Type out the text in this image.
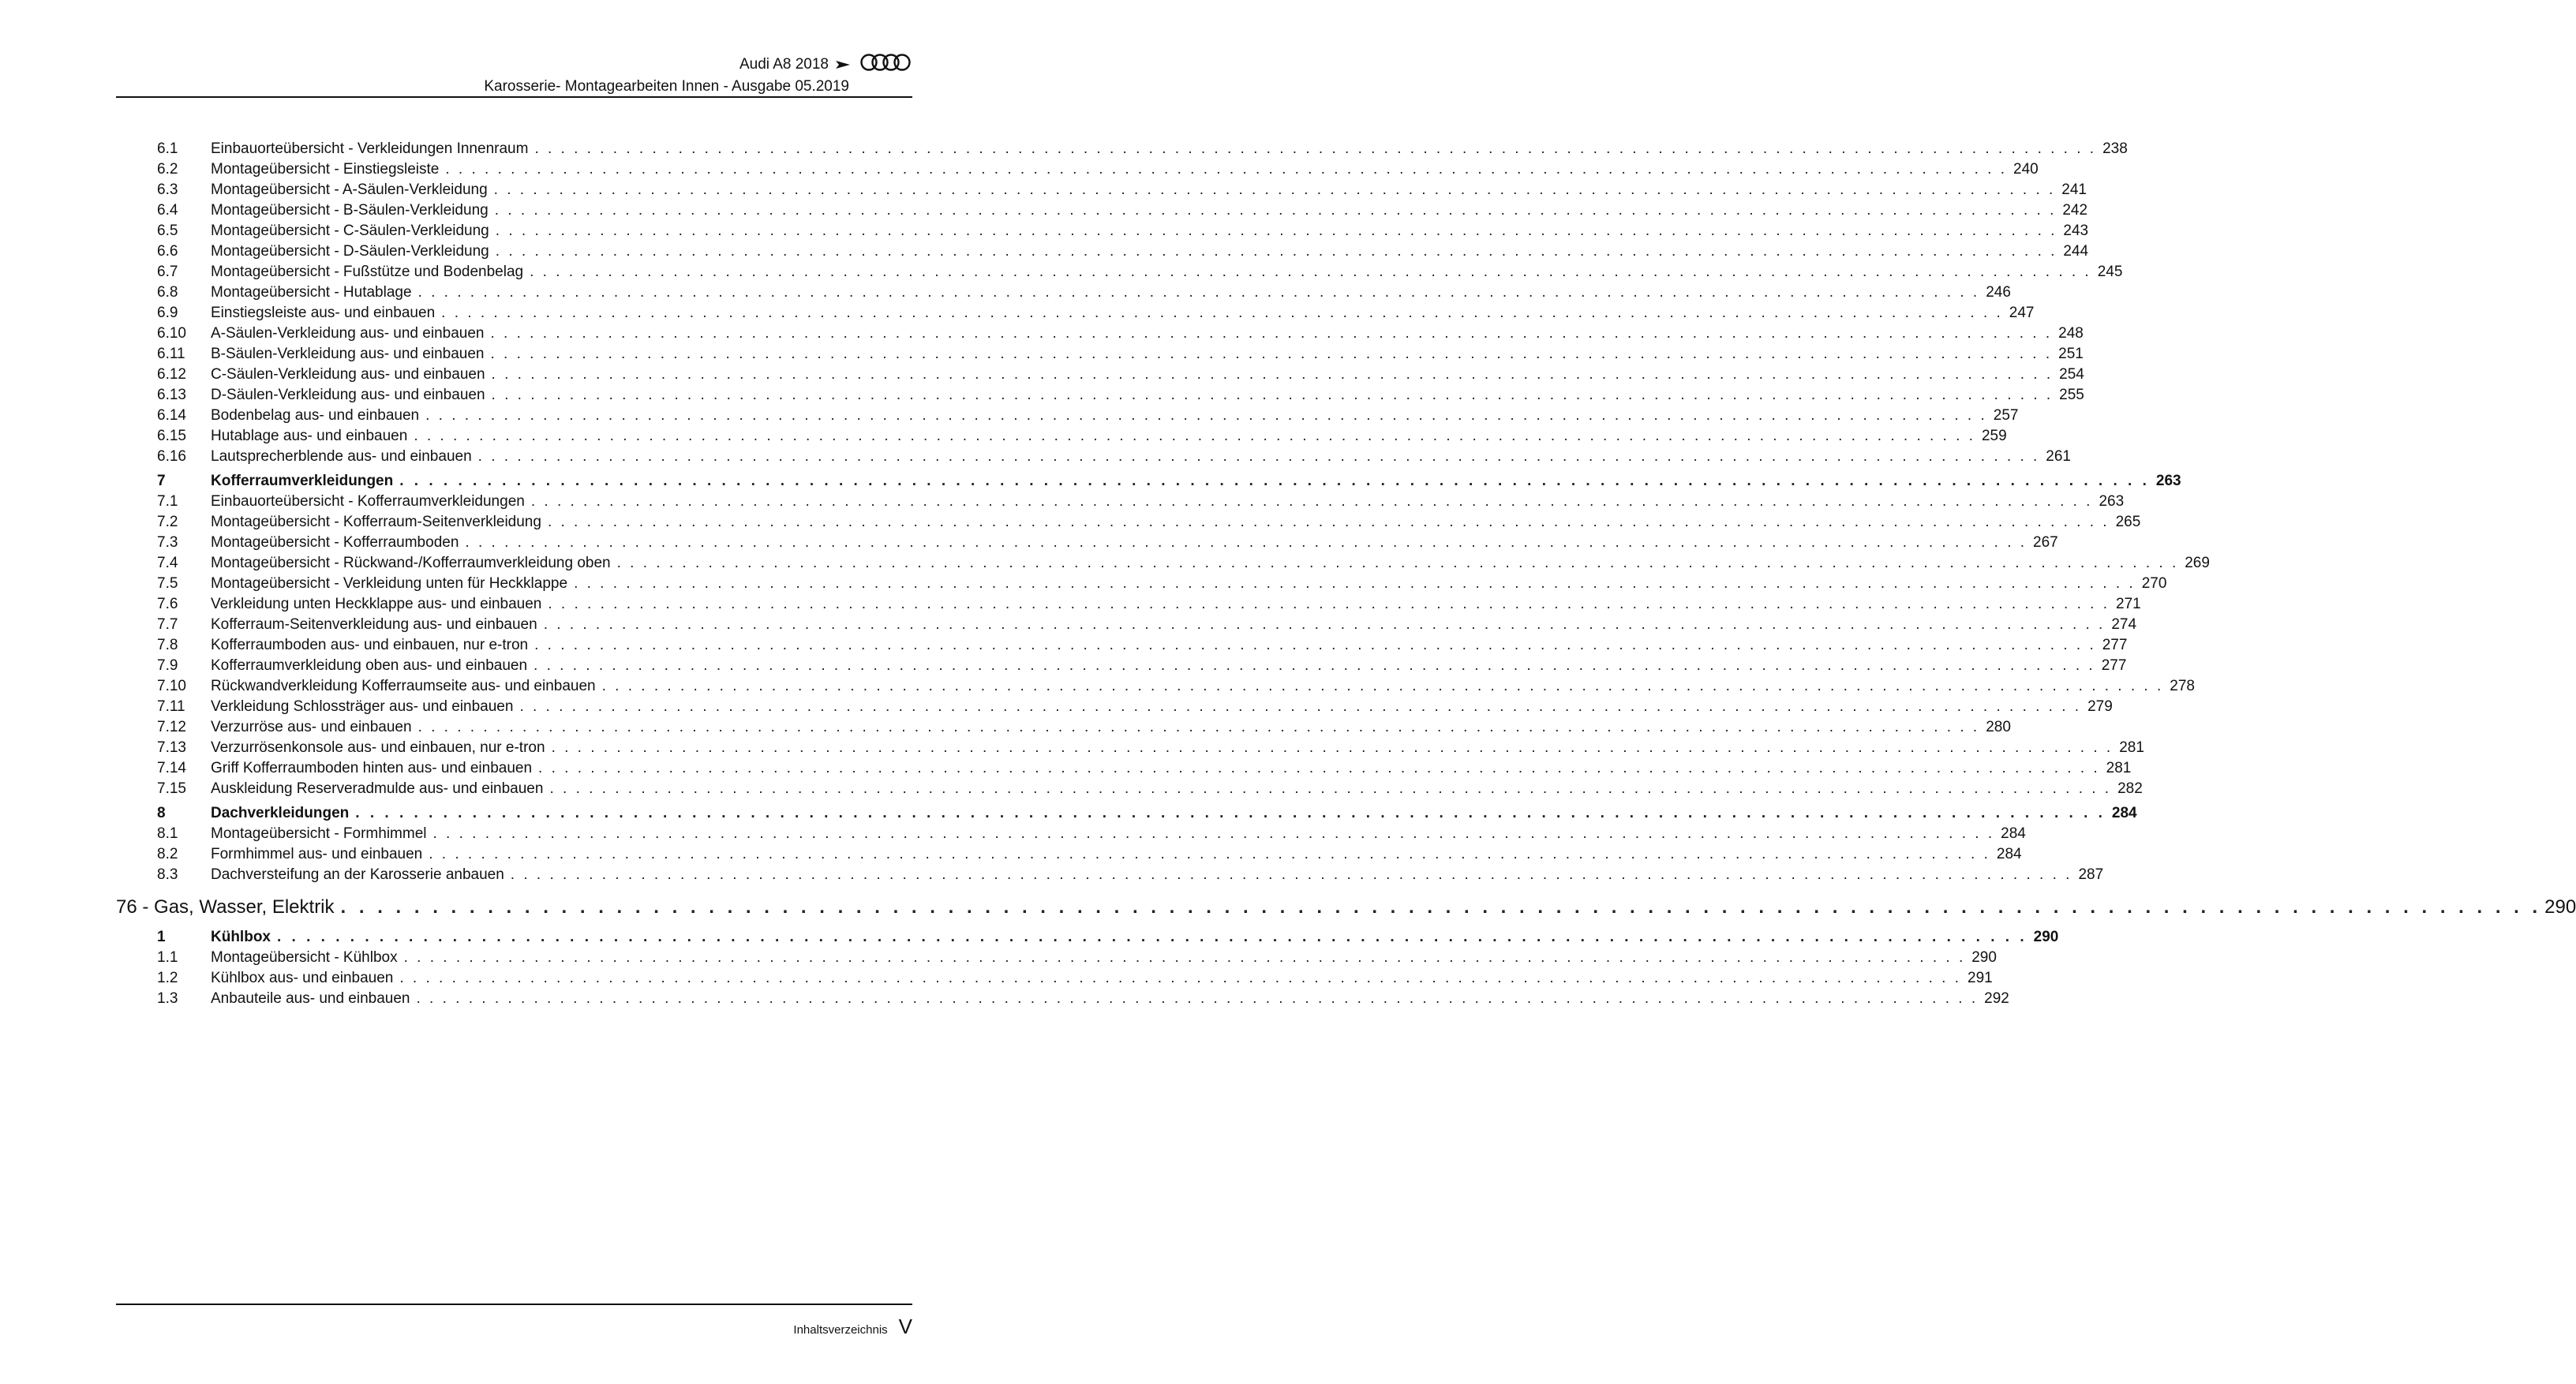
Audi A8 2018
Karosserie- Montagearbeiten Innen - Ausgabe 05.2019
6.1 Einbauorteübersicht - Verkleidungen Innenraum . . . . . . . . . . . . . . . . . . . . . . . . . . . . . . . . . . . . . . . . . . . . . . . . . . . . . . . . . . . . . . . . . . . . . . . . . . . . . . . . . . . . . . . . . . . . . . . . . . . . . . . . . . . . . . . . . . . . . . . . 238
6.2 Montageübersicht - Einstiegsleiste . . . . . . . . . . . . . . . . . . . . . . . . . . . . . . . . . . . . . . . . . . . . . . . . . . . . . . . . . . . . . . . . . . . . . . . . . . . . . . . . . . . . . . . . . . . . . . . . . . . . . . . . . . . . . . . . . . . . . . . . 240
6.3 Montageübersicht - A-Säulen-Verkleidung . . . . . . . . . . . . . . . . . . . . . . . . . . . . . . . . . . . . . . . . . . . . . . . . . . . . . . . . . . . . . . . . . . . . . . . . . . . . . . . . . . . . . . . . . . . . . . . . . . . . . . . . . . . . . . . . . . . . . . . . 241
6.4 Montageübersicht - B-Säulen-Verkleidung . . . . . . . . . . . . . . . . . . . . . . . . . . . . . . . . . . . . . . . . . . . . . . . . . . . . . . . . . . . . . . . . . . . . . . . . . . . . . . . . . . . . . . . . . . . . . . . . . . . . . . . . . . . . . . . . . . . . . . . . 242
6.5 Montageübersicht - C-Säulen-Verkleidung . . . . . . . . . . . . . . . . . . . . . . . . . . . . . . . . . . . . . . . . . . . . . . . . . . . . . . . . . . . . . . . . . . . . . . . . . . . . . . . . . . . . . . . . . . . . . . . . . . . . . . . . . . . . . . . . . . . . . . . . 243
6.6 Montageübersicht - D-Säulen-Verkleidung . . . . . . . . . . . . . . . . . . . . . . . . . . . . . . . . . . . . . . . . . . . . . . . . . . . . . . . . . . . . . . . . . . . . . . . . . . . . . . . . . . . . . . . . . . . . . . . . . . . . . . . . . . . . . . . . . . . . . . . . 244
6.7 Montageübersicht - Fußstütze und Bodenbelag . . . . . . . . . . . . . . . . . . . . . . . . . . . . . . . . . . . . . . . . . . . . . . . . . . . . . . . . . . . . . . . . . . . . . . . . . . . . . . . . . . . . . . . . . . . . . . . . . . . . . . . . . . . . . . . . . . . . . . . . 245
6.8 Montageübersicht - Hutablage . . . . . . . . . . . . . . . . . . . . . . . . . . . . . . . . . . . . . . . . . . . . . . . . . . . . . . . . . . . . . . . . . . . . . . . . . . . . . . . . . . . . . . . . . . . . . . . . . . . . . . . . . . . . . . . . . . . . . . . . 246
6.9 Einstiegsleiste aus- und einbauen . . . . . . . . . . . . . . . . . . . . . . . . . . . . . . . . . . . . . . . . . . . . . . . . . . . . . . . . . . . . . . . . . . . . . . . . . . . . . . . . . . . . . . . . . . . . . . . . . . . . . . . . . . . . . . . . . . . . . . . . 247
6.10 A-Säulen-Verkleidung aus- und einbauen . . . . . . . . . . . . . . . . . . . . . . . . . . . . . . . . . . . . . . . . . . . . . . . . . . . . . . . . . . . . . . . . . . . . . . . . . . . . . . . . . . . . . . . . . . . . . . . . . . . . . . . . . . . . . . . . . . . . . . . . 248
6.11 B-Säulen-Verkleidung aus- und einbauen . . . . . . . . . . . . . . . . . . . . . . . . . . . . . . . . . . . . . . . . . . . . . . . . . . . . . . . . . . . . . . . . . . . . . . . . . . . . . . . . . . . . . . . . . . . . . . . . . . . . . . . . . . . . . . . . . . . . . . . . 251
6.12 C-Säulen-Verkleidung aus- und einbauen . . . . . . . . . . . . . . . . . . . . . . . . . . . . . . . . . . . . . . . . . . . . . . . . . . . . . . . . . . . . . . . . . . . . . . . . . . . . . . . . . . . . . . . . . . . . . . . . . . . . . . . . . . . . . . . . . . . . . . . . 254
6.13 D-Säulen-Verkleidung aus- und einbauen . . . . . . . . . . . . . . . . . . . . . . . . . . . . . . . . . . . . . . . . . . . . . . . . . . . . . . . . . . . . . . . . . . . . . . . . . . . . . . . . . . . . . . . . . . . . . . . . . . . . . . . . . . . . . . . . . . . . . . . . 255
6.14 Bodenbelag aus- und einbauen . . . . . . . . . . . . . . . . . . . . . . . . . . . . . . . . . . . . . . . . . . . . . . . . . . . . . . . . . . . . . . . . . . . . . . . . . . . . . . . . . . . . . . . . . . . . . . . . . . . . . . . . . . . . . . . . . . . . . . . . 257
6.15 Hutablage aus- und einbauen . . . . . . . . . . . . . . . . . . . . . . . . . . . . . . . . . . . . . . . . . . . . . . . . . . . . . . . . . . . . . . . . . . . . . . . . . . . . . . . . . . . . . . . . . . . . . . . . . . . . . . . . . . . . . . . . . . . . . . . . 259
6.16 Lautsprecherblende aus- und einbauen . . . . . . . . . . . . . . . . . . . . . . . . . . . . . . . . . . . . . . . . . . . . . . . . . . . . . . . . . . . . . . . . . . . . . . . . . . . . . . . . . . . . . . . . . . . . . . . . . . . . . . . . . . . . . . . . . . . . . . . . 261
7	Kofferraumverkleidungen . . . . . . . . . . . . . . . . . . . . . . . . . . . . . . . . . . . . . . . . . . . . . . . . . . . . . . . . . . . . . . . . . . . . . . . . . . . . . . . . . . . . . . . . . . . . . . . . . . . . . . . . . . . . . . . . . . . . . . . . 263
7.1 Einbauorteübersicht - Kofferraumverkleidungen . . . . . . . . . . . . . . . . . . . . . . . . . . . . . . . . . . . . . . . . . . . . . . . . . . . . . . . . . . . . . . . . . . . . . . . . . . . . . . . . . . . . . . . . . . . . . . . . . . . . . . . . . . . . . . . . . . . . . . . . 263
7.2 Montageübersicht - Kofferraum-Seitenverkleidung . . . . . . . . . . . . . . . . . . . . . . . . . . . . . . . . . . . . . . . . . . . . . . . . . . . . . . . . . . . . . . . . . . . . . . . . . . . . . . . . . . . . . . . . . . . . . . . . . . . . . . . . . . . . . . . . . . . . . . . . 265
7.3 Montageübersicht - Kofferraumboden . . . . . . . . . . . . . . . . . . . . . . . . . . . . . . . . . . . . . . . . . . . . . . . . . . . . . . . . . . . . . . . . . . . . . . . . . . . . . . . . . . . . . . . . . . . . . . . . . . . . . . . . . . . . . . . . . . . . . . . . 267
7.4 Montageübersicht - Rückwand-/Kofferraumverkleidung oben . . . . . . . . . . . . . . . . . . . . . . . . . . . . . . . . . . . . . . . . . . . . . . . . . . . . . . . . . . . . . . . . . . . . . . . . . . . . . . . . . . . . . . . . . . . . . . . . . . . . . . . . . . . . . . . . . . . . . . . . 269
7.5 Montageübersicht - Verkleidung unten für Heckklappe . . . . . . . . . . . . . . . . . . . . . . . . . . . . . . . . . . . . . . . . . . . . . . . . . . . . . . . . . . . . . . . . . . . . . . . . . . . . . . . . . . . . . . . . . . . . . . . . . . . . . . . . . . . . . . . . . . . . . . . . 270
7.6 Verkleidung unten Heckklappe aus- und einbauen . . . . . . . . . . . . . . . . . . . . . . . . . . . . . . . . . . . . . . . . . . . . . . . . . . . . . . . . . . . . . . . . . . . . . . . . . . . . . . . . . . . . . . . . . . . . . . . . . . . . . . . . . . . . . . . . . . . . . . . . 271
7.7 Kofferraum-Seitenverkleidung aus- und einbauen . . . . . . . . . . . . . . . . . . . . . . . . . . . . . . . . . . . . . . . . . . . . . . . . . . . . . . . . . . . . . . . . . . . . . . . . . . . . . . . . . . . . . . . . . . . . . . . . . . . . . . . . . . . . . . . . . . . . . . . . 274
7.8 Kofferraumboden aus- und einbauen, nur e-tron . . . . . . . . . . . . . . . . . . . . . . . . . . . . . . . . . . . . . . . . . . . . . . . . . . . . . . . . . . . . . . . . . . . . . . . . . . . . . . . . . . . . . . . . . . . . . . . . . . . . . . . . . . . . . . . . . . . . . . . . 277
7.9 Kofferraumverkleidung oben aus- und einbauen . . . . . . . . . . . . . . . . . . . . . . . . . . . . . . . . . . . . . . . . . . . . . . . . . . . . . . . . . . . . . . . . . . . . . . . . . . . . . . . . . . . . . . . . . . . . . . . . . . . . . . . . . . . . . . . . . . . . . . . . 277
7.10 Rückwandverkleidung Kofferraumseite aus- und einbauen . . . . . . . . . . . . . . . . . . . . . . . . . . . . . . . . . . . . . . . . . . . . . . . . . . . . . . . . . . . . . . . . . . . . . . . . . . . . . . . . . . . . . . . . . . . . . . . . . . . . . . . . . . . . . . . . . . . . . . . . 278
7.11 Verkleidung Schlossträger aus- und einbauen . . . . . . . . . . . . . . . . . . . . . . . . . . . . . . . . . . . . . . . . . . . . . . . . . . . . . . . . . . . . . . . . . . . . . . . . . . . . . . . . . . . . . . . . . . . . . . . . . . . . . . . . . . . . . . . . . . . . . . . . 279
7.12 Verzurröse aus- und einbauen . . . . . . . . . . . . . . . . . . . . . . . . . . . . . . . . . . . . . . . . . . . . . . . . . . . . . . . . . . . . . . . . . . . . . . . . . . . . . . . . . . . . . . . . . . . . . . . . . . . . . . . . . . . . . . . . . . . . . . . . 280
7.13 Verzurrösenkonsole aus- und einbauen, nur e-tron . . . . . . . . . . . . . . . . . . . . . . . . . . . . . . . . . . . . . . . . . . . . . . . . . . . . . . . . . . . . . . . . . . . . . . . . . . . . . . . . . . . . . . . . . . . . . . . . . . . . . . . . . . . . . . . . . . . . . . . . 281
7.14 Griff Kofferraumboden hinten aus- und einbauen . . . . . . . . . . . . . . . . . . . . . . . . . . . . . . . . . . . . . . . . . . . . . . . . . . . . . . . . . . . . . . . . . . . . . . . . . . . . . . . . . . . . . . . . . . . . . . . . . . . . . . . . . . . . . . . . . . . . . . . . 281
7.15 Auskleidung Reserveradmulde aus- und einbauen . . . . . . . . . . . . . . . . . . . . . . . . . . . . . . . . . . . . . . . . . . . . . . . . . . . . . . . . . . . . . . . . . . . . . . . . . . . . . . . . . . . . . . . . . . . . . . . . . . . . . . . . . . . . . . . . . . . . . . . . 282
8	Dachverkleidungen . . . . . . . . . . . . . . . . . . . . . . . . . . . . . . . . . . . . . . . . . . . . . . . . . . . . . . . . . . . . . . . . . . . . . . . . . . . . . . . . . . . . . . . . . . . . . . . . . . . . . . . . . . . . . . . . . . . . . . . . 284
8.1 Montageübersicht - Formhimmel . . . . . . . . . . . . . . . . . . . . . . . . . . . . . . . . . . . . . . . . . . . . . . . . . . . . . . . . . . . . . . . . . . . . . . . . . . . . . . . . . . . . . . . . . . . . . . . . . . . . . . . . . . . . . . . . . . . . . . . . 284
8.2 Formhimmel aus- und einbauen . . . . . . . . . . . . . . . . . . . . . . . . . . . . . . . . . . . . . . . . . . . . . . . . . . . . . . . . . . . . . . . . . . . . . . . . . . . . . . . . . . . . . . . . . . . . . . . . . . . . . . . . . . . . . . . . . . . . . . . . 284
8.3 Dachversteifung an der Karosserie anbauen . . . . . . . . . . . . . . . . . . . . . . . . . . . . . . . . . . . . . . . . . . . . . . . . . . . . . . . . . . . . . . . . . . . . . . . . . . . . . . . . . . . . . . . . . . . . . . . . . . . . . . . . . . . . . . . . . . . . . . . . 287
76 - Gas, Wasser, Elektrik . . . . . . . . . . . . . . . . . . . . . . . . . . . . . . . . . . . . . . . . . . . . . . . . . . . . . . . . . . . . . . . . . . . . . . . . . . . . . . . . . . . . . . . . . . . . . . . . . . . . . . . . . . . . . . . . . . . . . . . . 290
1	Kühlbox . . . . . . . . . . . . . . . . . . . . . . . . . . . . . . . . . . . . . . . . . . . . . . . . . . . . . . . . . . . . . . . . . . . . . . . . . . . . . . . . . . . . . . . . . . . . . . . . . . . . . . . . . . . . . . . . . . . . . . . . 290
1.1 Montageübersicht - Kühlbox . . . . . . . . . . . . . . . . . . . . . . . . . . . . . . . . . . . . . . . . . . . . . . . . . . . . . . . . . . . . . . . . . . . . . . . . . . . . . . . . . . . . . . . . . . . . . . . . . . . . . . . . . . . . . . . . . . . . . . . . 290
1.2 Kühlbox aus- und einbauen . . . . . . . . . . . . . . . . . . . . . . . . . . . . . . . . . . . . . . . . . . . . . . . . . . . . . . . . . . . . . . . . . . . . . . . . . . . . . . . . . . . . . . . . . . . . . . . . . . . . . . . . . . . . . . . . . . . . . . . . 291
1.3 Anbauteile aus- und einbauen . . . . . . . . . . . . . . . . . . . . . . . . . . . . . . . . . . . . . . . . . . . . . . . . . . . . . . . . . . . . . . . . . . . . . . . . . . . . . . . . . . . . . . . . . . . . . . . . . . . . . . . . . . . . . . . . . . . . . . . . 292
Inhaltsverzeichnis V
